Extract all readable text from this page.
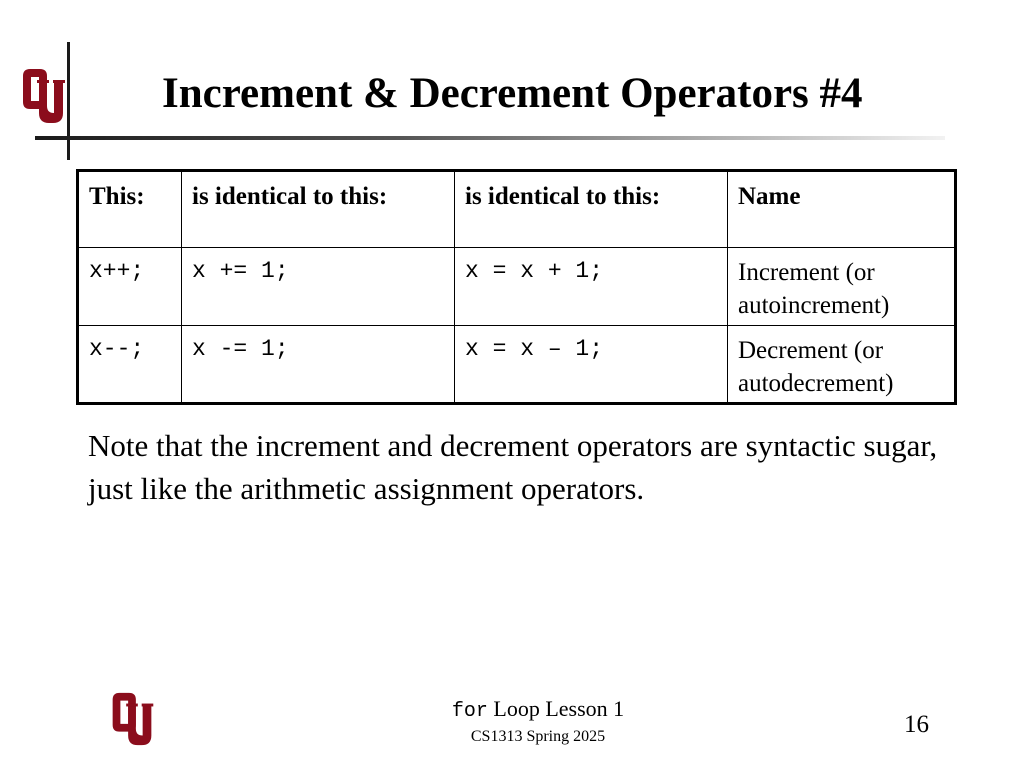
Increment & Decrement Operators #4
This:	is identical to this:	is identical to this:	Name
x++;	x += 1;	x = x + 1;	Increment (or autoincrement)
x--;	x -= 1;	x = x – 1;	Decrement (or autodecrement)
Note that the increment and decrement operators are syntactic sugar, just like the arithmetic assignment operators.
for Loop Lesson 1
CS1313 Spring 2025	16
